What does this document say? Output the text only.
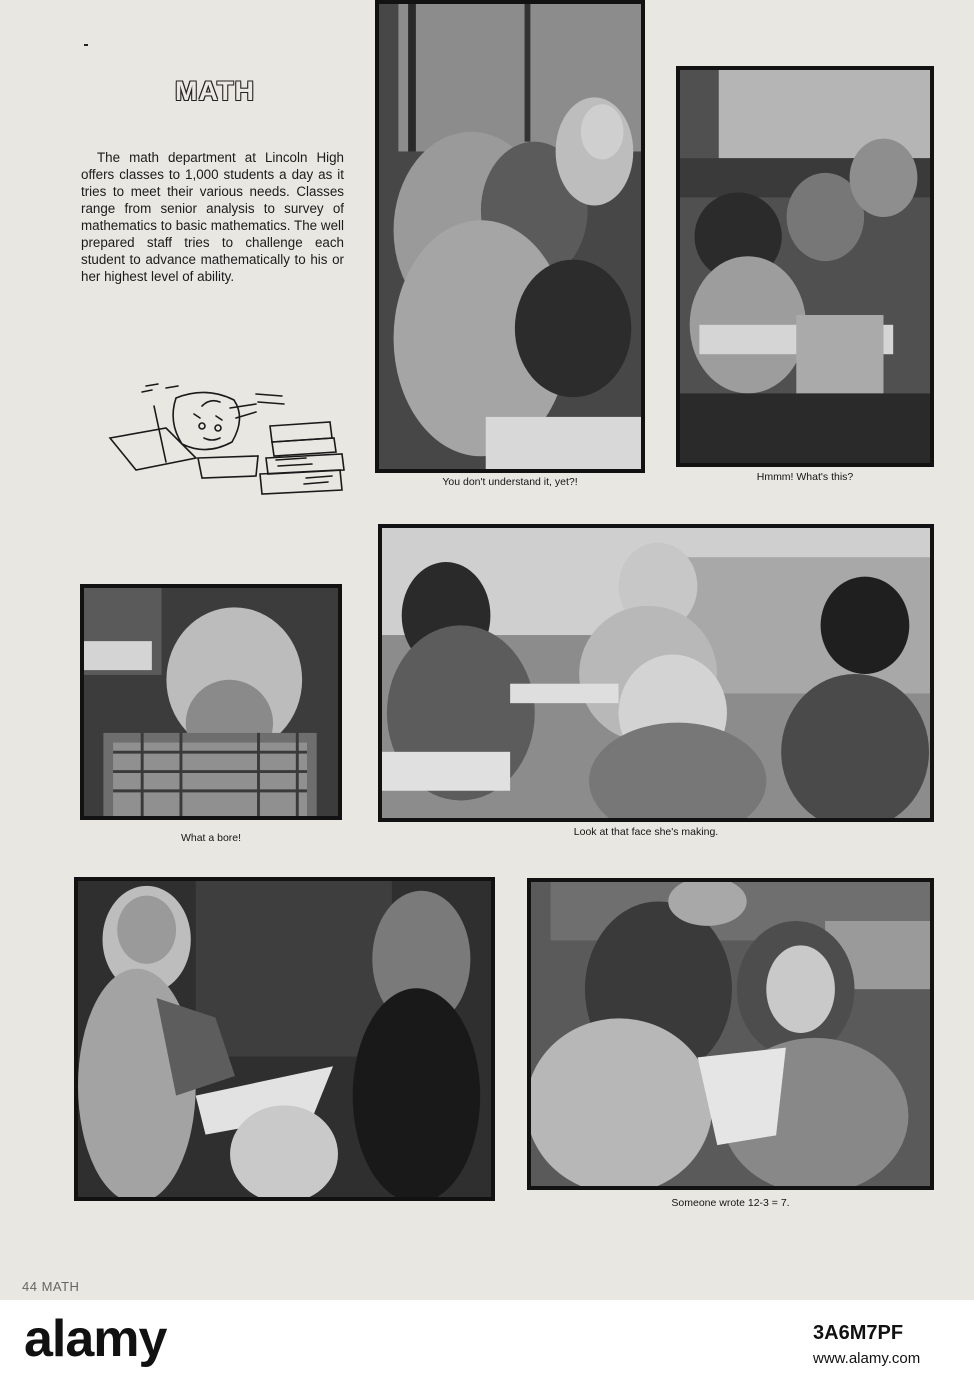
MATH

The math department at Lincoln High offers classes to 1,000 students a day as it tries to meet their various needs. Classes range from senior analysis to survey of mathematics to basic mathematics. The well prepared staff tries to challenge each student to advance mathematically to his or her highest level of ability.

You don't understand it, yet?!	Hmmm! What's this?
What a bore!	Look at that face she's making.
Someone wrote 12-3 = 7.
44 MATH
alamy	3A6M7PF
www.alamy.com
